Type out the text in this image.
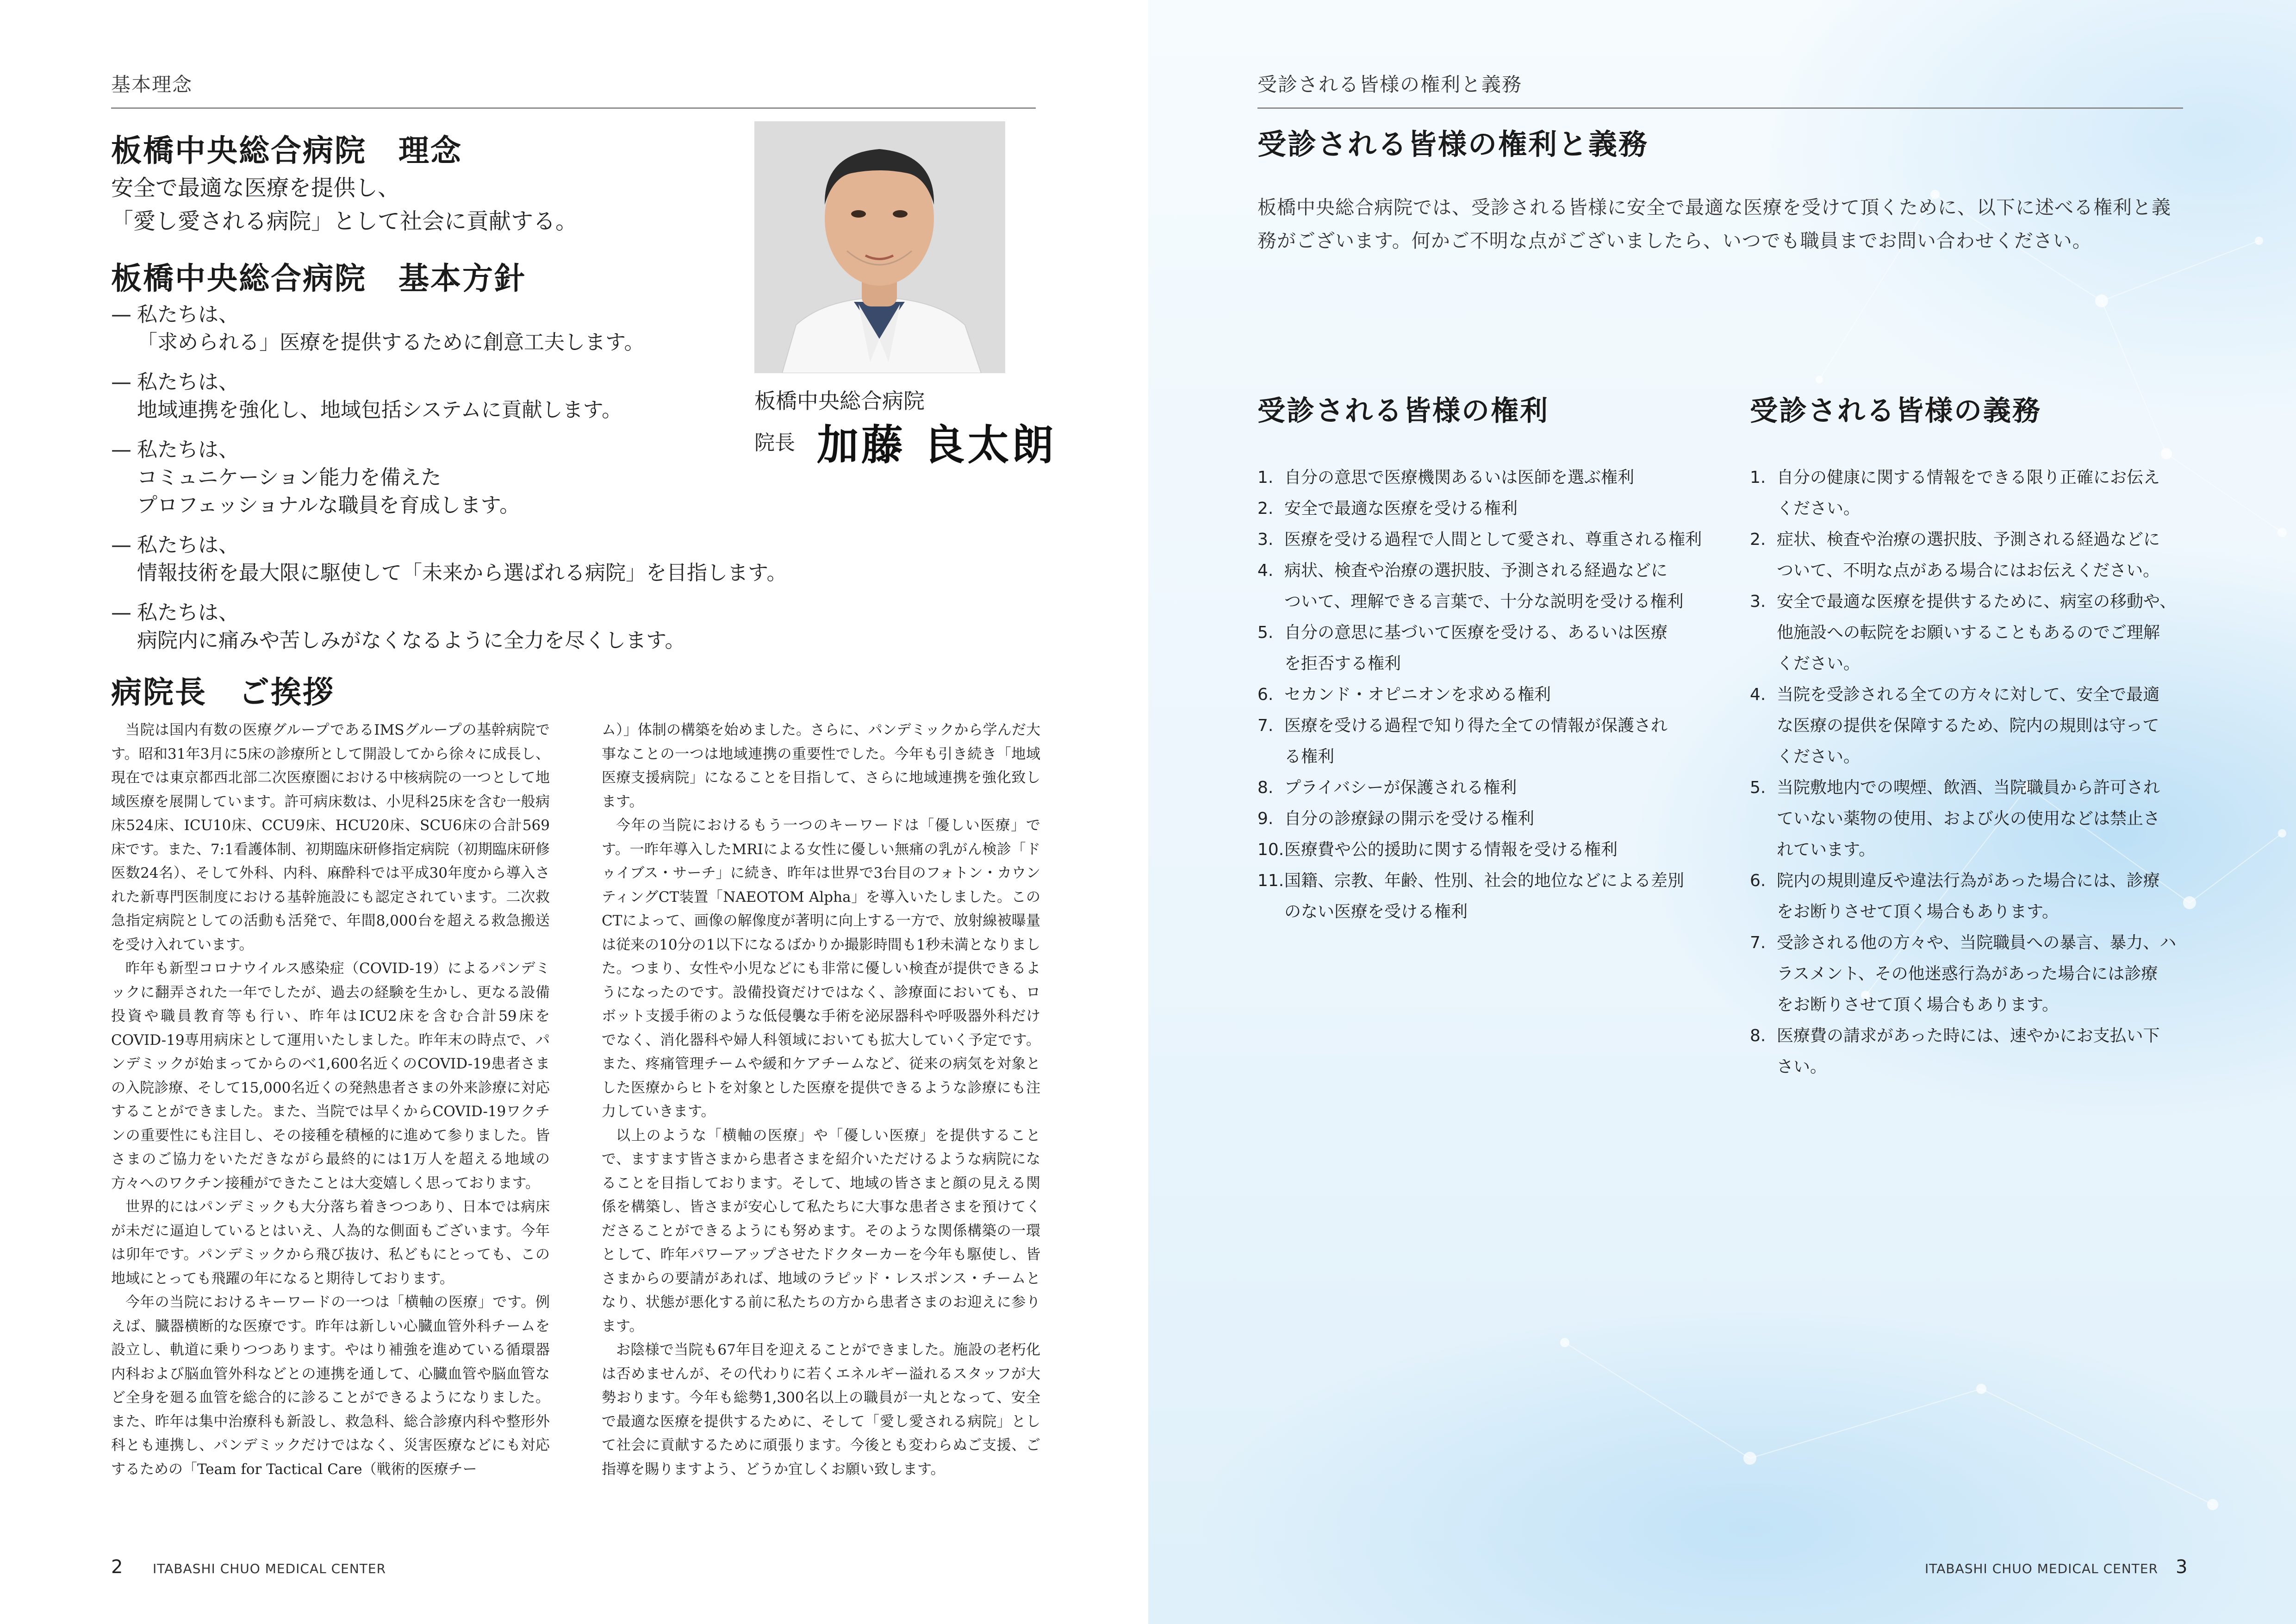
基本理念
板橋中央総合病院　理念
安全で最適な医療を提供し、
「愛し愛される病院」として社会に貢献する。
板橋中央総合病院　基本方針
— 私たちは、
「求められる」医療を提供するために創意工夫します。
— 私たちは、
地域連携を強化し、地域包括システムに貢献します。
— 私たちは、
コミュニケーション能力を備えた
プロフェッショナルな職員を育成します。
— 私たちは、
情報技術を最大限に駆使して「未来から選ばれる病院」を目指します。
— 私たちは、
病院内に痛みや苦しみがなくなるように全力を尽くします。
板橋中央総合病院
院長 加藤 良太朗
病院長　ご挨拶

当院は国内有数の医療グループであるIMSグループの基幹病院です。昭和31年3月に5床の診療所として開設してから徐々に成長し、現在では東京都西北部二次医療圏における中核病院の一つとして地域医療を展開しています。許可病床数は、小児科25床を含む一般病床524床、ICU10床、CCU9床、HCU20床、SCU6床の合計569床です。また、7:1看護体制、初期臨床研修指定病院（初期臨床研修医数24名）、そして外科、内科、麻酔科では平成30年度から導入された新専門医制度における基幹施設にも認定されています。二次救急指定病院としての活動も活発で、年間8,000台を超える救急搬送を受け入れています。

昨年も新型コロナウイルス感染症（COVID-19）によるパンデミックに翻弄された一年でしたが、過去の経験を生かし、更なる設備投資や職員教育等も行い、昨年はICU2床を含む合計59床をCOVID-19専用病床として運用いたしました。昨年末の時点で、パンデミックが始まってからのべ1,600名近くのCOVID-19患者さまの入院診療、そして15,000名近くの発熱患者さまの外来診療に対応することができました。また、当院では早くからCOVID-19ワクチンの重要性にも注目し、その接種を積極的に進めて参りました。皆さまのご協力をいただきながら最終的には1万人を超える地域の方々へのワクチン接種ができたことは大変嬉しく思っております。

世界的にはパンデミックも大分落ち着きつつあり、日本では病床が未だに逼迫しているとはいえ、人為的な側面もございます。今年は卯年です。パンデミックから飛び抜け、私どもにとっても、この地域にとっても飛躍の年になると期待しております。

今年の当院におけるキーワードの一つは「横軸の医療」です。例えば、臓器横断的な医療です。昨年は新しい心臓血管外科チームを設立し、軌道に乗りつつあります。やはり補強を進めている循環器内科および脳血管外科などとの連携を通して、心臓血管や脳血管など全身を廻る血管を総合的に診ることができるようになりました。また、昨年は集中治療科も新設し、救急科、総合診療内科や整形外科とも連携し、パンデミックだけではなく、災害医療などにも対応するための「Team for Tactical Care（戦術的医療チー

ム）」体制の構築を始めました。さらに、パンデミックから学んだ大事なことの一つは地域連携の重要性でした。今年も引き続き「地域医療支援病院」になることを目指して、さらに地域連携を強化致します。

今年の当院におけるもう一つのキーワードは「優しい医療」です。一昨年導入したMRIによる女性に優しい無痛の乳がん検診「ドゥイブス・サーチ」に続き、昨年は世界で3台目のフォトン・カウンティングCT装置「NAEOTOM Alpha」を導入いたしました。このCTによって、画像の解像度が著明に向上する一方で、放射線被曝量は従来の10分の1以下になるばかりか撮影時間も1秒未満となりました。つまり、女性や小児などにも非常に優しい検査が提供できるようになったのです。設備投資だけではなく、診療面においても、ロボット支援手術のような低侵襲な手術を泌尿器科や呼吸器外科だけでなく、消化器科や婦人科領域においても拡大していく予定です。また、疼痛管理チームや緩和ケアチームなど、従来の病気を対象とした医療からヒトを対象とした医療を提供できるような診療にも注力していきます。

以上のような「横軸の医療」や「優しい医療」を提供することで、ますます皆さまから患者さまを紹介いただけるような病院になることを目指しております。そして、地域の皆さまと顔の見える関係を構築し、皆さまが安心して私たちに大事な患者さまを預けてくださることができるようにも努めます。そのような関係構築の一環として、昨年パワーアップさせたドクターカーを今年も駆使し、皆さまからの要請があれば、地域のラピッド・レスポンス・チームとなり、状態が悪化する前に私たちの方から患者さまのお迎えに参ります。

お陰様で当院も67年目を迎えることができました。施設の老朽化は否めませんが、その代わりに若くエネルギー溢れるスタッフが大勢おります。今年も総勢1,300名以上の職員が一丸となって、安全で最適な医療を提供するために、そして「愛し愛される病院」として社会に貢献するために頑張ります。今後とも変わらぬご支援、ご指導を賜りますよう、どうか宜しくお願い致します。

2 ITABASHI CHUO MEDICAL CENTER
受診される皆様の権利と義務
受診される皆様の権利と義務
板橋中央総合病院では、受診される皆様に安全で最適な医療を受けて頂くために、以下に述べる権利と義
務がございます。何かご不明な点がございましたら、いつでも職員までお問い合わせください。
受診される皆様の権利
1. 自分の意思で医療機関あるいは医師を選ぶ権利
2. 安全で最適な医療を受ける権利
3. 医療を受ける過程で人間として愛され、尊重される権利
4. 病状、検査や治療の選択肢、予測される経過などに
ついて、理解できる言葉で、十分な説明を受ける権利
5. 自分の意思に基づいて医療を受ける、あるいは医療
を拒否する権利
6. セカンド・オピニオンを求める権利
7. 医療を受ける過程で知り得た全ての情報が保護され
る権利
8. プライバシーが保護される権利
9. 自分の診療録の開示を受ける権利
10. 医療費や公的援助に関する情報を受ける権利
11. 国籍、宗教、年齢、性別、社会的地位などによる差別
のない医療を受ける権利
受診される皆様の義務
1. 自分の健康に関する情報をできる限り正確にお伝え
ください。
2. 症状、検査や治療の選択肢、予測される経過などに
ついて、不明な点がある場合にはお伝えください。
3. 安全で最適な医療を提供するために、病室の移動や、
他施設への転院をお願いすることもあるのでご理解
ください。
4. 当院を受診される全ての方々に対して、安全で最適
な医療の提供を保障するため、院内の規則は守って
ください。
5. 当院敷地内での喫煙、飲酒、当院職員から許可され
ていない薬物の使用、および火の使用などは禁止さ
れています。
6. 院内の規則違反や違法行為があった場合には、診療
をお断りさせて頂く場合もあります。
7. 受診される他の方々や、当院職員への暴言、暴力、ハ
ラスメント、その他迷惑行為があった場合には診療
をお断りさせて頂く場合もあります。
8. 医療費の請求があった時には、速やかにお支払い下
さい。
ITABASHI CHUO MEDICAL CENTER 3
